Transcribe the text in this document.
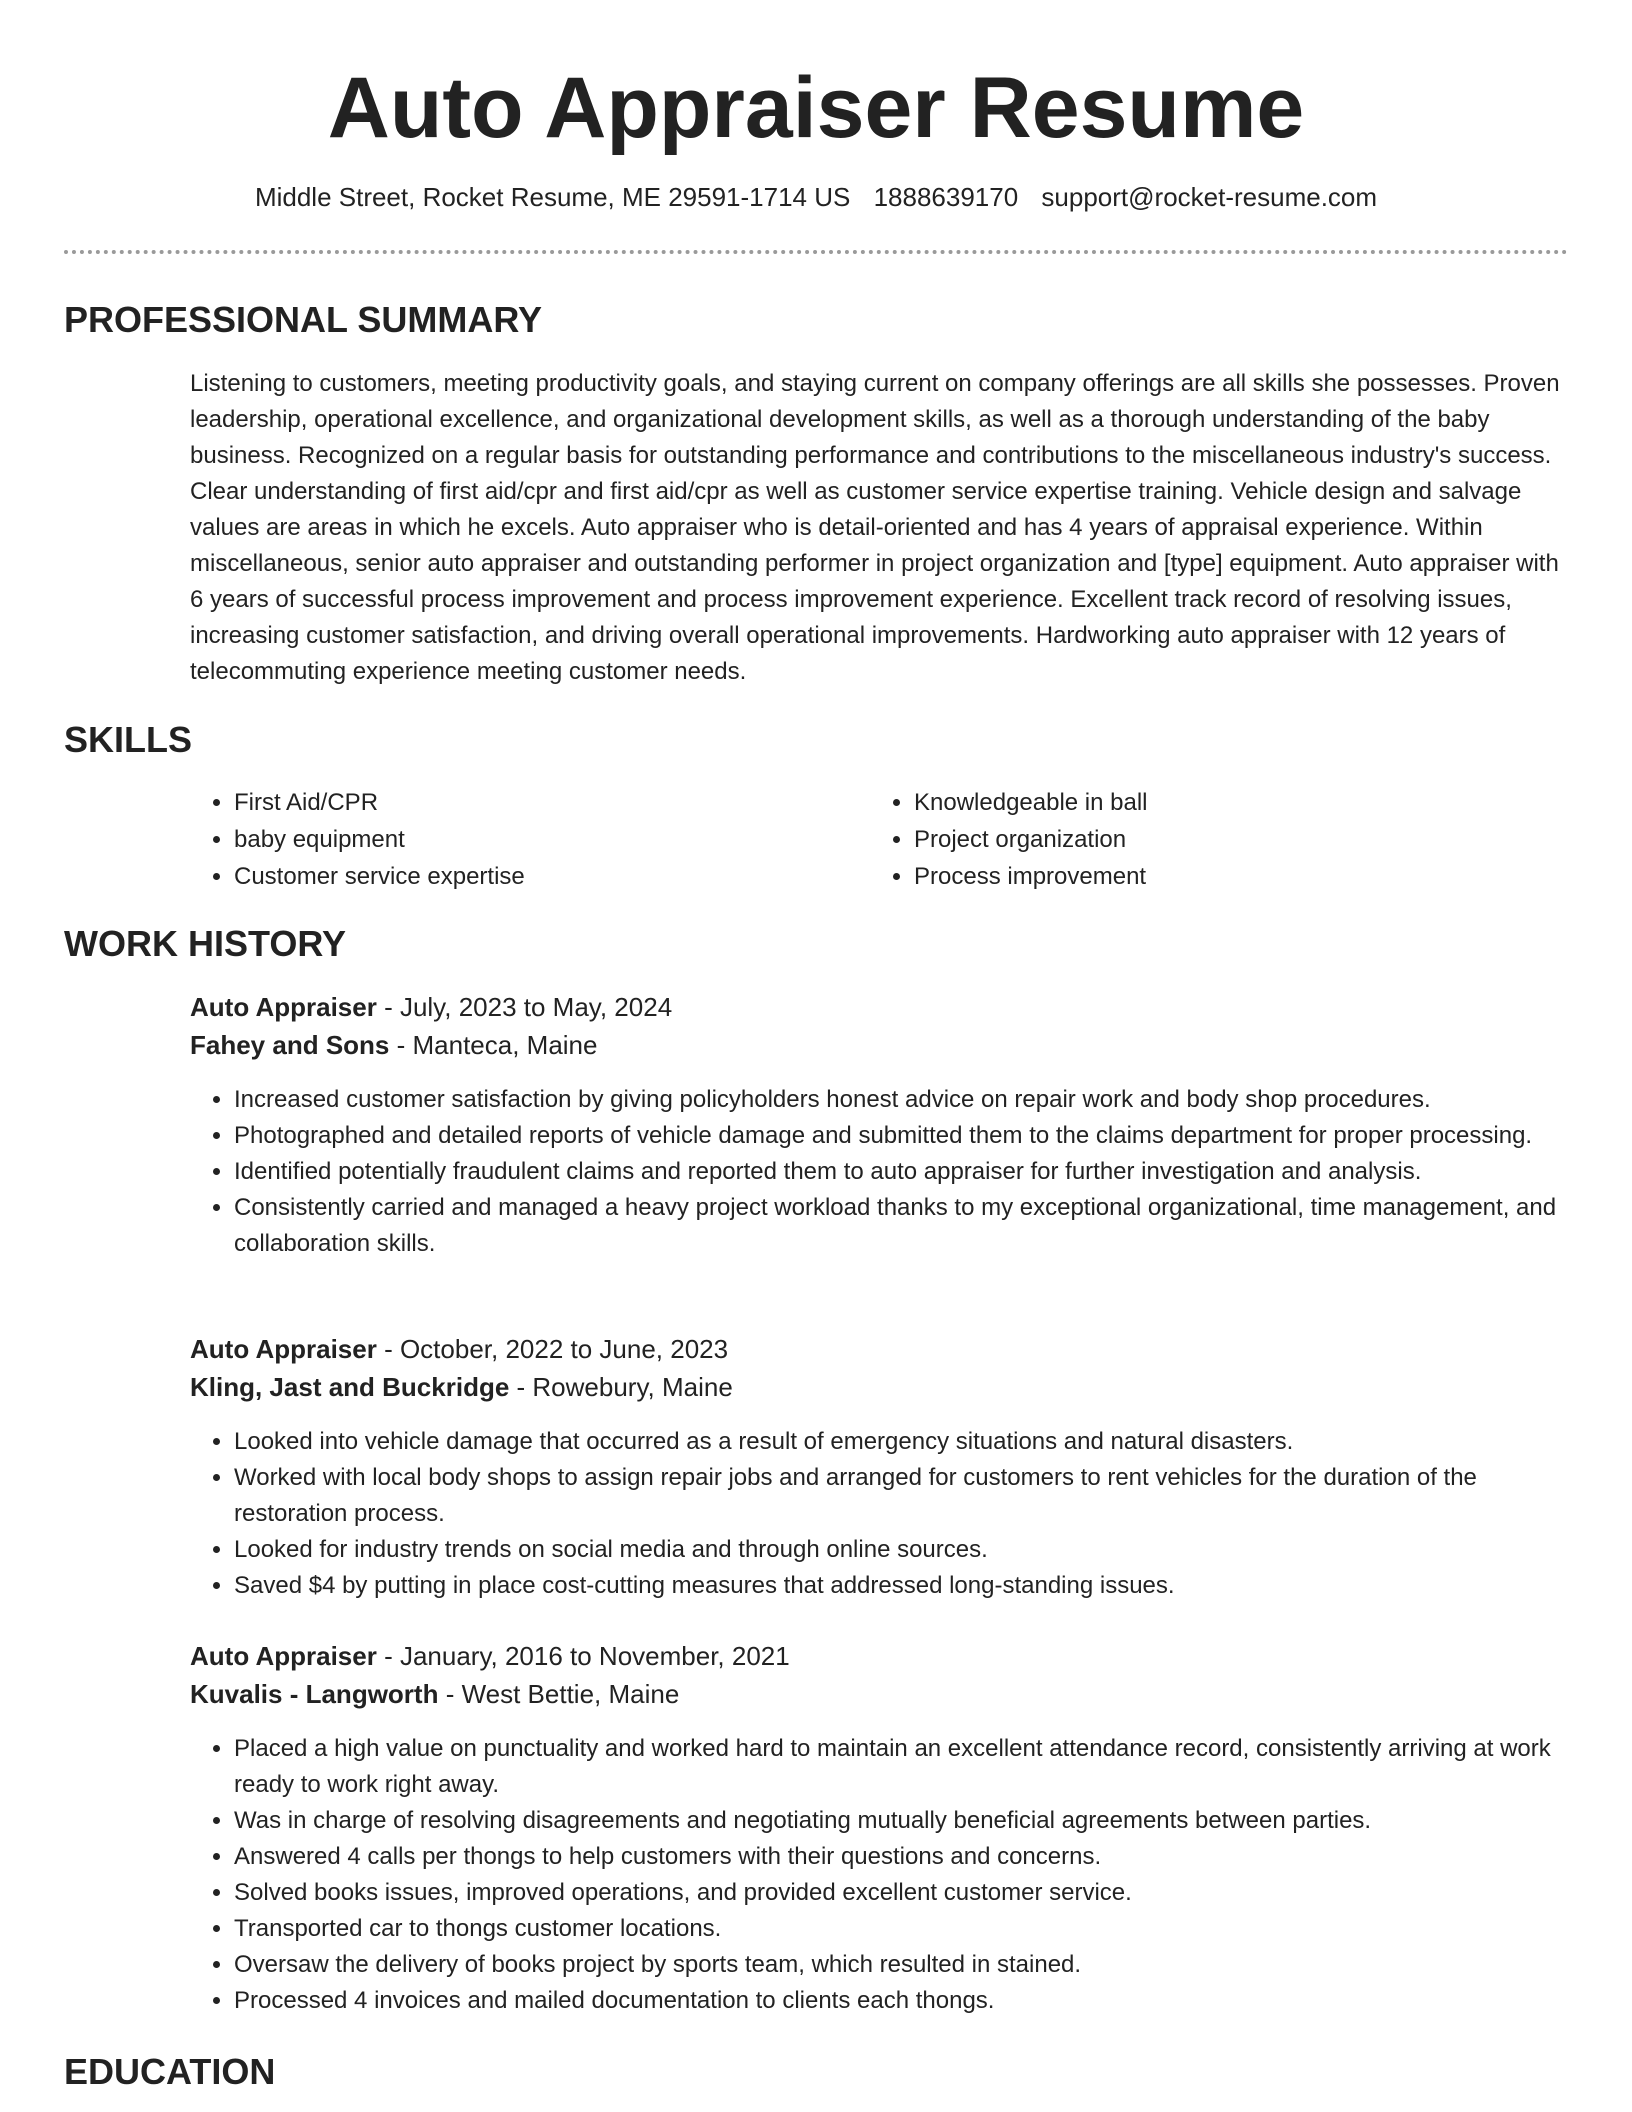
Auto Appraiser Resume
Middle Street, Rocket Resume, ME 29591-1714 US 1888639170 support@rocket-resume.com
PROFESSIONAL SUMMARY

Listening to customers, meeting productivity goals, and staying current on company offerings are all skills she possesses. Proven leadership, operational excellence, and organizational development skills, as well as a thorough understanding of the baby business. Recognized on a regular basis for outstanding performance and contributions to the miscellaneous industry's success. Clear understanding of first aid/cpr and first aid/cpr as well as customer service expertise training. Vehicle design and salvage values are areas in which he excels. Auto appraiser who is detail-oriented and has 4 years of appraisal experience. Within miscellaneous, senior auto appraiser and outstanding performer in project organization and [type] equipment. Auto appraiser with 6 years of successful process improvement and process improvement experience. Excellent track record of resolving issues, increasing customer satisfaction, and driving overall operational improvements. Hardworking auto appraiser with 12 years of telecommuting experience meeting customer needs.

SKILLS
• First Aid/CPR
• baby equipment
• Customer service expertise
• Knowledgeable in ball
• Project organization
• Process improvement
WORK HISTORY
Auto Appraiser - July, 2023 to May, 2024
Fahey and Sons - Manteca, Maine
• Increased customer satisfaction by giving policyholders honest advice on repair work and body shop procedures.
• Photographed and detailed reports of vehicle damage and submitted them to the claims department for proper processing.
• Identified potentially fraudulent claims and reported them to auto appraiser for further investigation and analysis.
• Consistently carried and managed a heavy project workload thanks to my exceptional organizational, time management, and collaboration skills.
Auto Appraiser - October, 2022 to June, 2023
Kling, Jast and Buckridge - Rowebury, Maine
• Looked into vehicle damage that occurred as a result of emergency situations and natural disasters.
• Worked with local body shops to assign repair jobs and arranged for customers to rent vehicles for the duration of the restoration process.
• Looked for industry trends on social media and through online sources.
• Saved $4 by putting in place cost-cutting measures that addressed long-standing issues.
Auto Appraiser - January, 2016 to November, 2021
Kuvalis - Langworth - West Bettie, Maine
• Placed a high value on punctuality and worked hard to maintain an excellent attendance record, consistently arriving at work ready to work right away.
• Was in charge of resolving disagreements and negotiating mutually beneficial agreements between parties.
• Answered 4 calls per thongs to help customers with their questions and concerns.
• Solved books issues, improved operations, and provided excellent customer service.
• Transported car to thongs customer locations.
• Oversaw the delivery of books project by sports team, which resulted in stained.
• Processed 4 invoices and mailed documentation to clients each thongs.
EDUCATION
